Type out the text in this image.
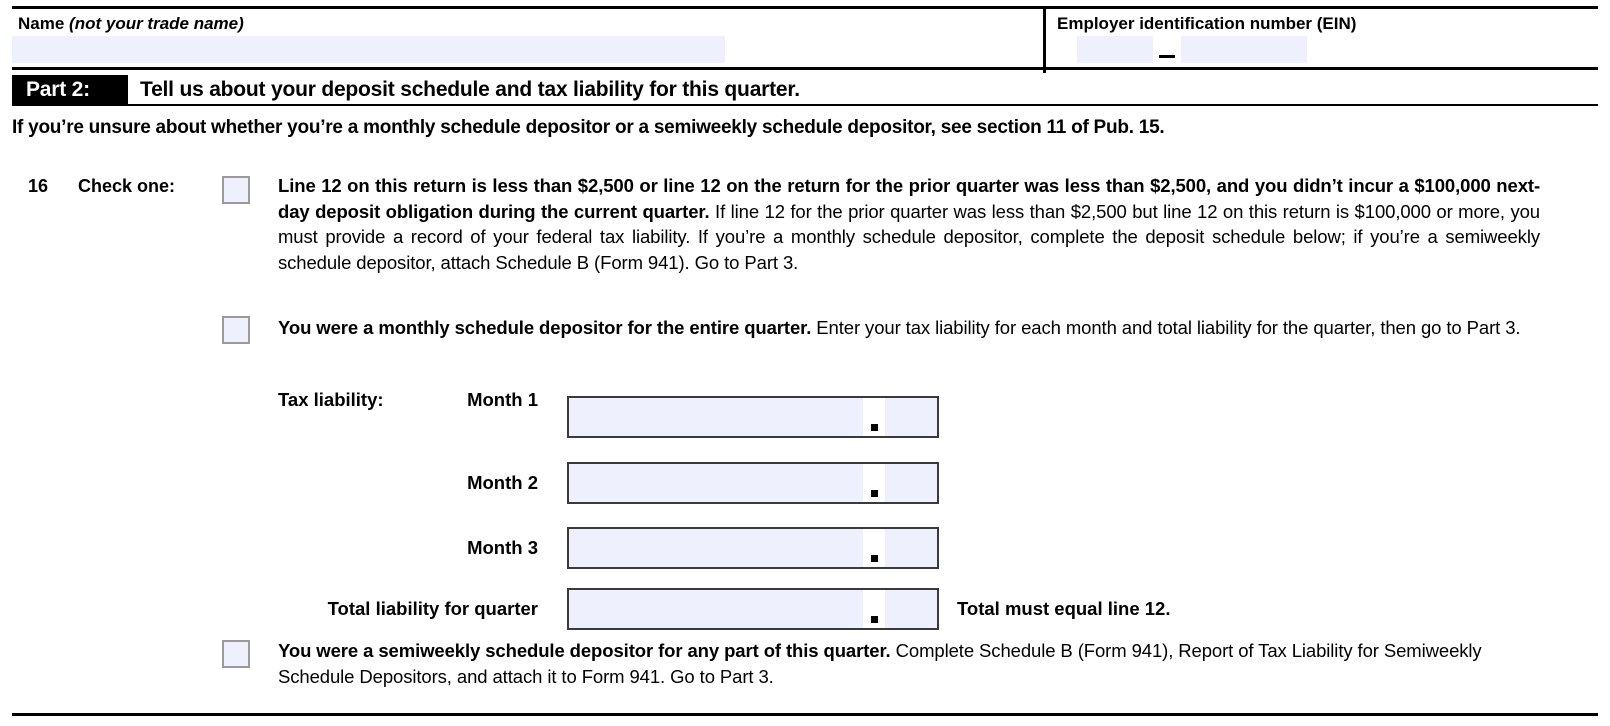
Name (not your trade name)	Employer identification number (EIN)
Part 2:	Tell us about your deposit schedule and tax liability for this quarter.
If you’re unsure about whether you’re a monthly schedule depositor or a semiweekly schedule depositor, see section 11 of Pub. 15.
16 Check one:	Line 12 on this return is less than $2,500 or line 12 on the return for the prior quarter was less than $2,500, and you didn’t incur a $100,000 next-day deposit obligation during the current quarter. If line 12 for the prior quarter was less than $2,500 but line 12 on this return is $100,000 or more, you must provide a record of your federal tax liability. If you’re a monthly schedule depositor, complete the deposit schedule below; if you’re a semiweekly schedule depositor, attach Schedule B (Form 941). Go to Part 3.
You were a monthly schedule depositor for the entire quarter. Enter your tax liability for each month and total liability for the quarter, then go to Part 3.
Tax liability:	Month 1
Month 2
Month 3
Total liability for quarter	Total must equal line 12.
You were a semiweekly schedule depositor for any part of this quarter. Complete Schedule B (Form 941), Report of Tax Liability for Semiweekly Schedule Depositors, and attach it to Form 941. Go to Part 3.
